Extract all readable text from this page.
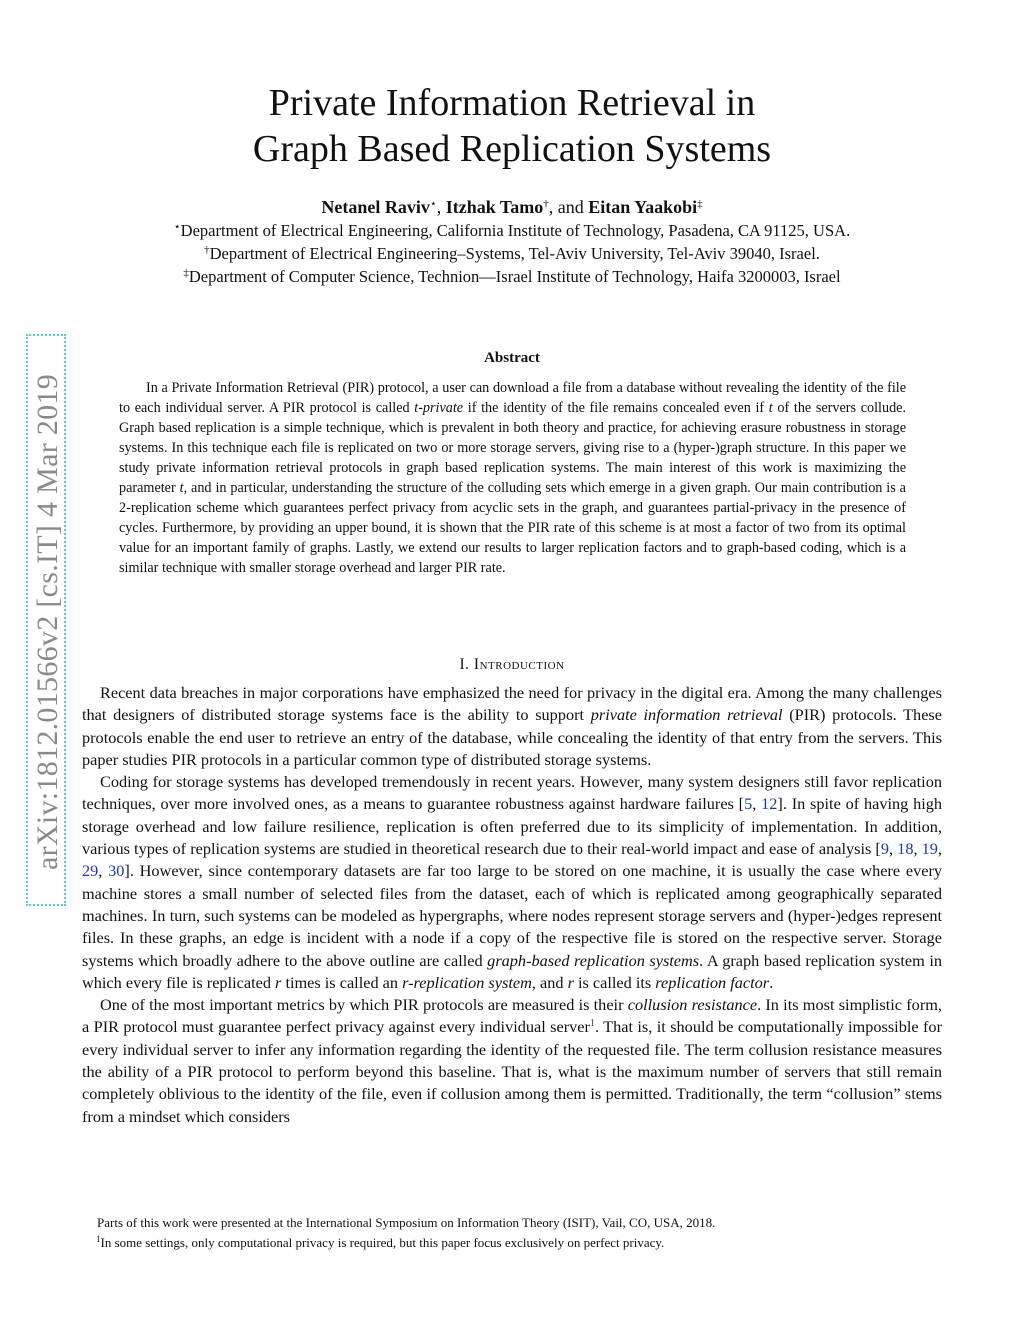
arXiv:1812.01566v2 [cs.IT] 4 Mar 2019
Private Information Retrieval in
Graph Based Replication Systems
Netanel Raviv⋆, Itzhak Tamo†, and Eitan Yaakobi‡
⋆Department of Electrical Engineering, California Institute of Technology, Pasadena, CA 91125, USA.
†Department of Electrical Engineering–Systems, Tel-Aviv University, Tel-Aviv 39040, Israel.
‡Department of Computer Science, Technion—Israel Institute of Technology, Haifa 3200003, Israel
Abstract

In a Private Information Retrieval (PIR) protocol, a user can download a file from a database without revealing the identity of the file to each individual server. A PIR protocol is called t-private if the identity of the file remains concealed even if t of the servers collude. Graph based replication is a simple technique, which is prevalent in both theory and practice, for achieving erasure robustness in storage systems. In this technique each file is replicated on two or more storage servers, giving rise to a (hyper-)graph structure. In this paper we study private information retrieval protocols in graph based replication systems. The main interest of this work is maximizing the parameter t, and in particular, understanding the structure of the colluding sets which emerge in a given graph. Our main contribution is a 2-replication scheme which guarantees perfect privacy from acyclic sets in the graph, and guarantees partial-privacy in the presence of cycles. Furthermore, by providing an upper bound, it is shown that the PIR rate of this scheme is at most a factor of two from its optimal value for an important family of graphs. Lastly, we extend our results to larger replication factors and to graph-based coding, which is a similar technique with smaller storage overhead and larger PIR rate.

I. Introduction

Recent data breaches in major corporations have emphasized the need for privacy in the digital era. Among the many challenges that designers of distributed storage systems face is the ability to support private information retrieval (PIR) protocols. These protocols enable the end user to retrieve an entry of the database, while concealing the identity of that entry from the servers. This paper studies PIR protocols in a particular common type of distributed storage systems.

Coding for storage systems has developed tremendously in recent years. However, many system designers still favor replication techniques, over more involved ones, as a means to guarantee robustness against hardware failures [5, 12]. In spite of having high storage overhead and low failure resilience, replication is often preferred due to its simplicity of implementation. In addition, various types of replication systems are studied in theoretical research due to their real-world impact and ease of analysis [9, 18, 19, 29, 30]. However, since contemporary datasets are far too large to be stored on one machine, it is usually the case where every machine stores a small number of selected files from the dataset, each of which is replicated among geographically separated machines. In turn, such systems can be modeled as hypergraphs, where nodes represent storage servers and (hyper-)edges represent files. In these graphs, an edge is incident with a node if a copy of the respective file is stored on the respective server. Storage systems which broadly adhere to the above outline are called graph-based replication systems. A graph based replication system in which every file is replicated r times is called an r-replication system, and r is called its replication factor.

One of the most important metrics by which PIR protocols are measured is their collusion resistance. In its most simplistic form, a PIR protocol must guarantee perfect privacy against every individual server$^1$. That is, it should be computationally impossible for every individual server to infer any information regarding the identity of the requested file. The term collusion resistance measures the ability of a PIR protocol to perform beyond this baseline. That is, what is the maximum number of servers that still remain completely oblivious to the identity of the file, even if collusion among them is permitted. Traditionally, the term “collusion” stems from a mindset which considers

Parts of this work were presented at the International Symposium on Information Theory (ISIT), Vail, CO, USA, 2018.
$^1$In some settings, only computational privacy is required, but this paper focus exclusively on perfect privacy.
